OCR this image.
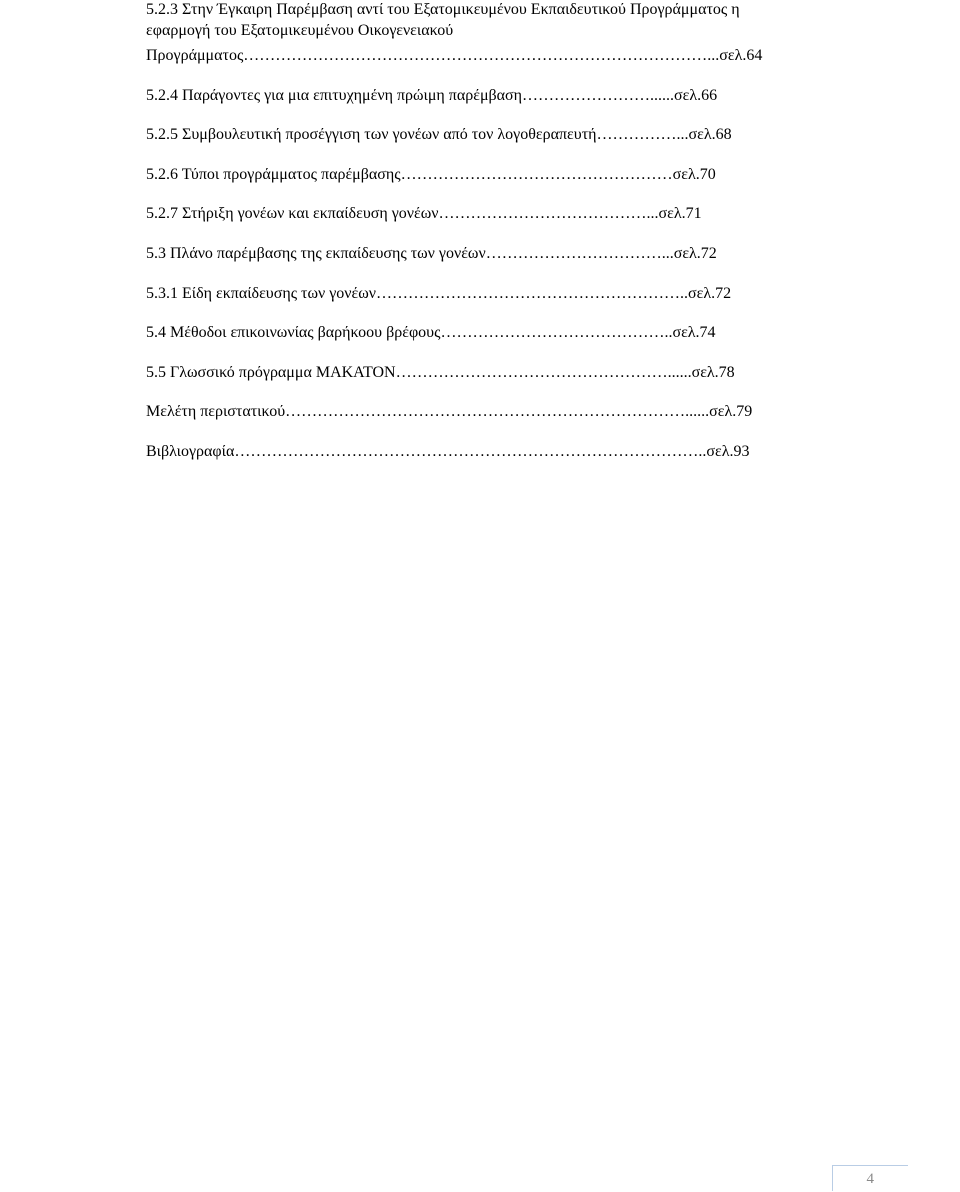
5.2.3 Στην Έγκαιρη Παρέμβαση αντί του Εξατομικευμένου Εκπαιδευτικού Προγράμματος η
εφαρμογή του Εξατομικευμένου Οικογενειακού
Προγράμματος……………………………………………………………………………...σελ.64
5.2.4 Παράγοντες για μια επιτυχημένη πρώιμη παρέμβαση……………………......σελ.66
5.2.5 Συμβουλευτική προσέγγιση των γονέων από τον λογοθεραπευτή……………...σελ.68
5.2.6 Τύποι προγράμματος παρέμβασης……………………………………………σελ.70
5.2.7 Στήριξη γονέων και εκπαίδευση γονέων…………………………………...σελ.71
5.3 Πλάνο παρέμβασης της εκπαίδευσης των γονέων……………………………...σελ.72
5.3.1 Είδη εκπαίδευσης των γονέων…………………………………………………..σελ.72
5.4 Μέθοδοι επικοινωνίας βαρήκοου βρέφους……………………………………..σελ.74
5.5 Γλωσσικό πρόγραμμα ΜΑΚΑΤΟΝ……………………………………………......σελ.78
Μελέτη περιστατικού…………………………………………………………………......σελ.79
Βιβλιογραφία……………………………………………………………………………..σελ.93
4
